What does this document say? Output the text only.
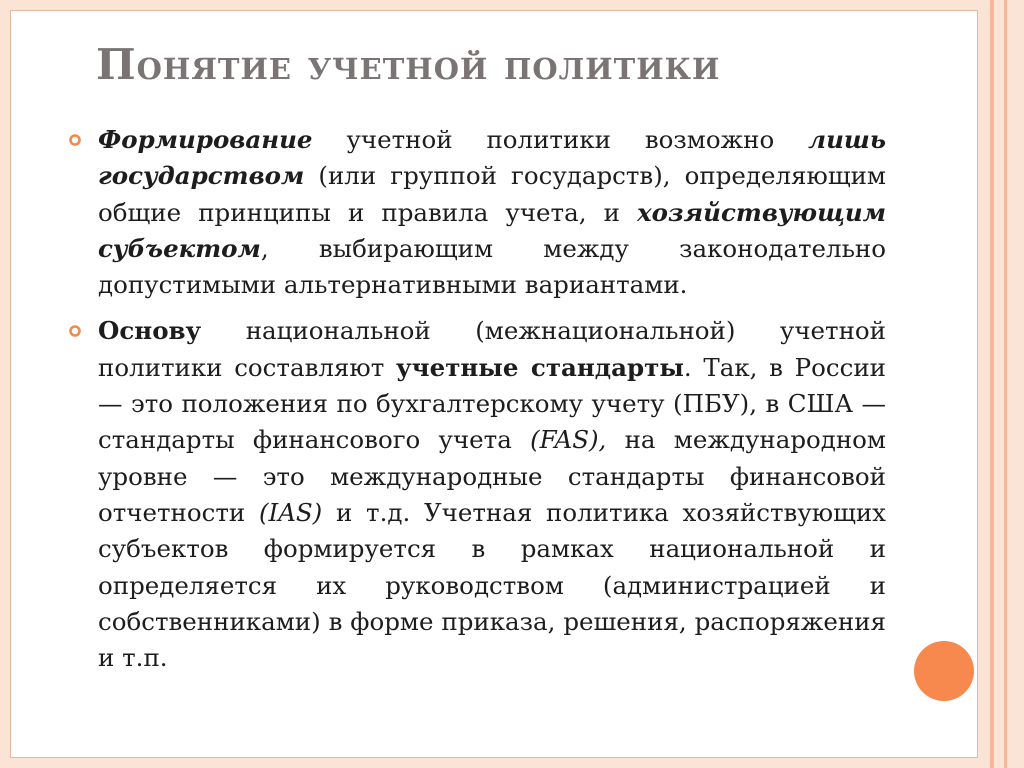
Понятие учетной политики
Формирование учетной политики возможно лишь государством (или группой государств), определяющим общие принципы и правила учета, и хозяйствующим субъектом, выбирающим между законодательно допустимыми альтернативными вариантами.
Основу национальной (межнациональной) учетной политики составляют учетные стандарты. Так, в России — это положения по бухгалтерскому учету (ПБУ), в США — стандарты финансового учета (FAS), на международном уровне — это международные стандарты финансовой отчетности (IAS) и т.д. Учетная политика хозяйствующих субъектов формируется в рамках национальной и определяется их руководством (администрацией и собственниками) в форме приказа, решения, распоряжения и т.п.
